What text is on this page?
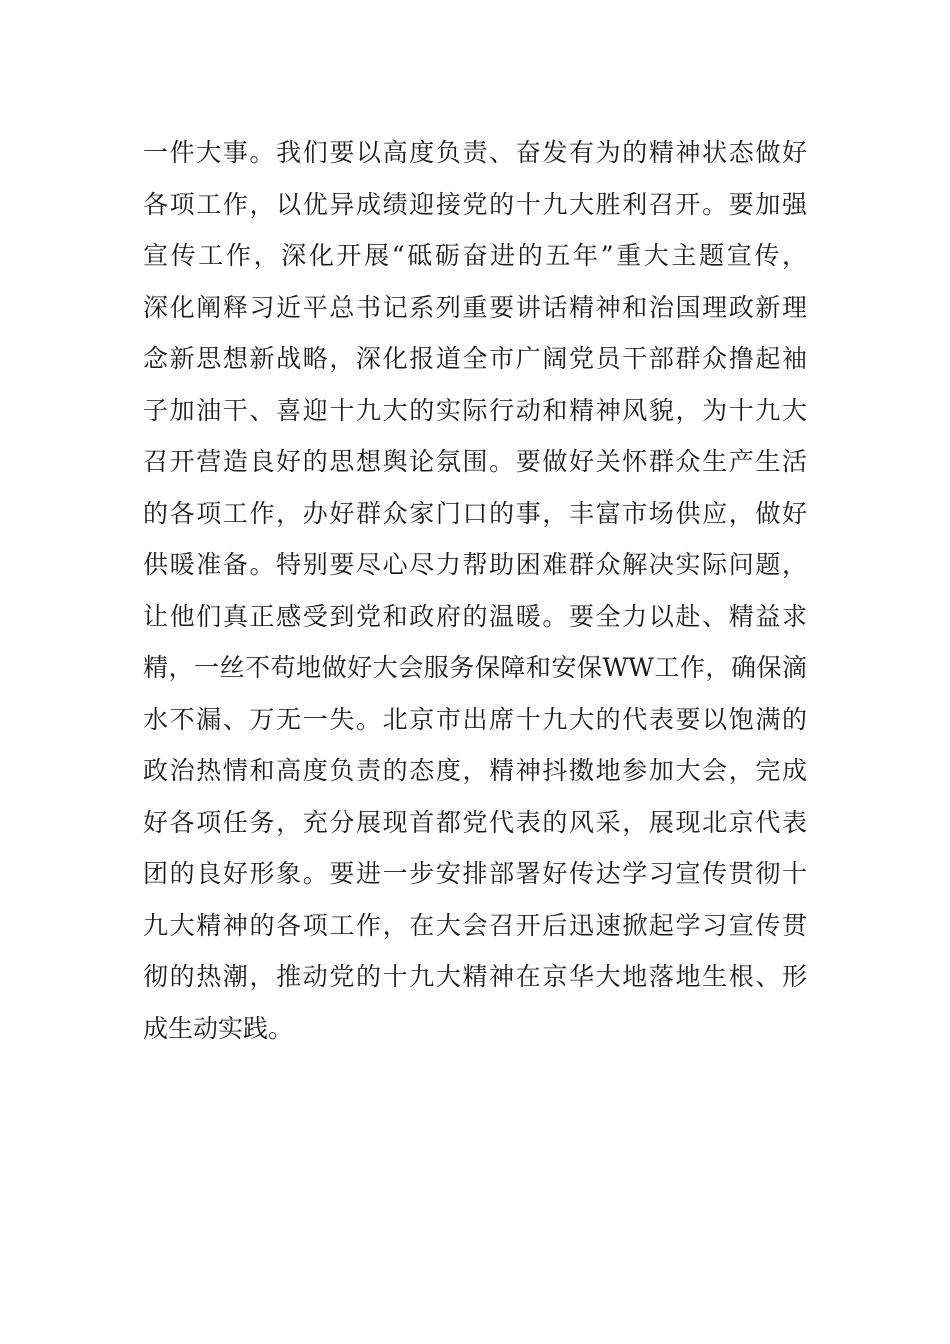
一件大事。我们要以高度负责、奋发有为的精神状态做好
各项工作，以优异成绩迎接党的十九大胜利召开。要加强
宣传工作，深化开展“砥砺奋进的五年”重大主题宣传，
深化阐释习近平总书记系列重要讲话精神和治国理政新理
念新思想新战略，深化报道全市广阔党员干部群众撸起袖
子加油干、喜迎十九大的实际行动和精神风貌，为十九大
召开营造良好的思想舆论氛围。要做好关怀群众生产生活
的各项工作，办好群众家门口的事，丰富市场供应，做好
供暖准备。特别要尽心尽力帮助困难群众解决实际问题，
让他们真正感受到党和政府的温暖。要全力以赴、精益求
精，一丝不苟地做好大会服务保障和安保WW工作，确保滴
水不漏、万无一失。北京市出席十九大的代表要以饱满的
政治热情和高度负责的态度，精神抖擞地参加大会，完成
好各项任务，充分展现首都党代表的风采，展现北京代表
团的良好形象。要进一步安排部署好传达学习宣传贯彻十
九大精神的各项工作，在大会召开后迅速掀起学习宣传贯
彻的热潮，推动党的十九大精神在京华大地落地生根、形
成生动实践。
